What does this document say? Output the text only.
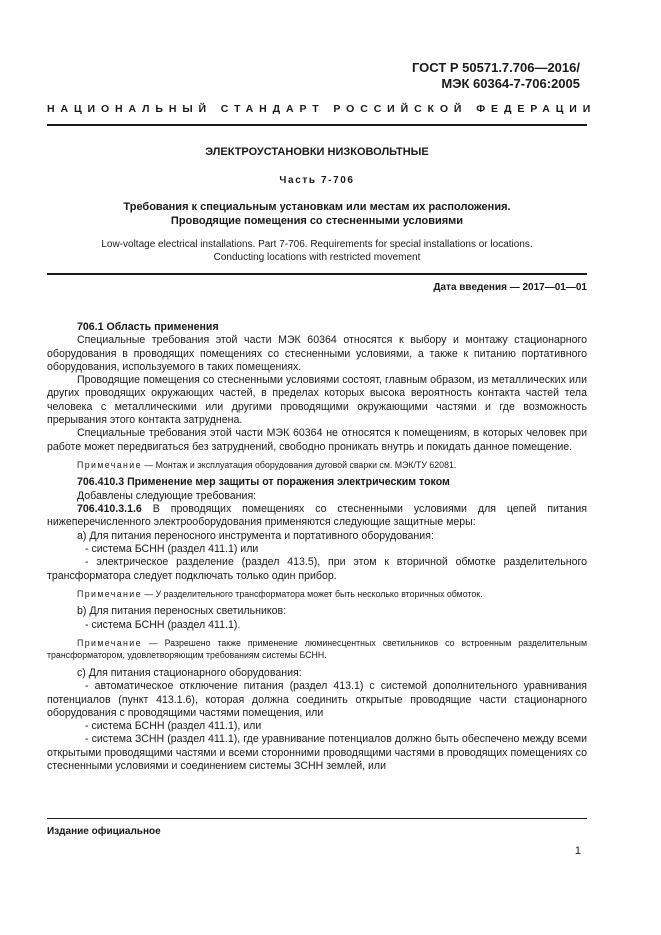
ГОСТ Р 50571.7.706—2016/
МЭК 60364-7-706:2005
НАЦИОНАЛЬНЫЙ СТАНДАРТ РОССИЙСКОЙ ФЕДЕРАЦИИ
ЭЛЕКТРОУСТАНОВКИ НИЗКОВОЛЬТНЫЕ
Часть 7-706
Требования к специальным установкам или местам их расположения.
Проводящие помещения со стесненными условиями
Low-voltage electrical installations. Part 7-706. Requirements for special installations or locations.
Conducting locations with restricted movement
Дата введения — 2017—01—01

706.1 Область применения

Специальные требования этой части МЭК 60364 относятся к выбору и монтажу стационарного оборудования в проводящих помещениях со стесненными условиями, а также к питанию портативного оборудования, используемого в таких помещениях.

Проводящие помещения со стесненными условиями состоят, главным образом, из металлических или других проводящих окружающих частей, в пределах которых высока вероятность контакта частей тела человека с металлическими или другими проводящими окружающими частями и где возможность прерывания этого контакта затруднена.

Специальные требования этой части МЭК 60364 не относятся к помещениям, в которых человек при работе может передвигаться без затруднений, свободно проникать внутрь и покидать данное помещение.

Примечание — Монтаж и эксплуатация оборудования дуговой сварки см. МЭК/ТУ 62081.

706.410.3 Применение мер защиты от поражения электрическим током

Добавлены следующие требования:

706.410.3.1.6 В проводящих помещениях со стесненными условиями для цепей питания нижеперечисленного электрооборудования применяются следующие защитные меры:

a) Для питания переносного инструмента и портативного оборудования:

- система БСНН (раздел 411.1) или

- электрическое разделение (раздел 413.5), при этом к вторичной обмотке разделительного трансформатора следует подключать только один прибор.

Примечание — У разделительного трансформатора может быть несколько вторичных обмоток.

b) Для питания переносных светильников:

- система БСНН (раздел 411.1).

Примечание — Разрешено также применение люминесцентных светильников со встроенным разделительным трансформатором, удовлетворяющим требованиям системы БСНН.

c) Для питания стационарного оборудования:

- автоматическое отключение питания (раздел 413.1) с системой дополнительного уравнивания потенциалов (пункт 413.1.6), которая должна соединить открытые проводящие части стационарного оборудования с проводящими частями помещения, или

- система БСНН (раздел 411.1), или

- система ЗСНН (раздел 411.1), где уравнивание потенциалов должно быть обеспечено между всеми открытыми проводящими частями и всеми сторонними проводящими частями в проводящих помещениях со стесненными условиями и соединением системы ЗСНН землей, или

Издание официальное
1
